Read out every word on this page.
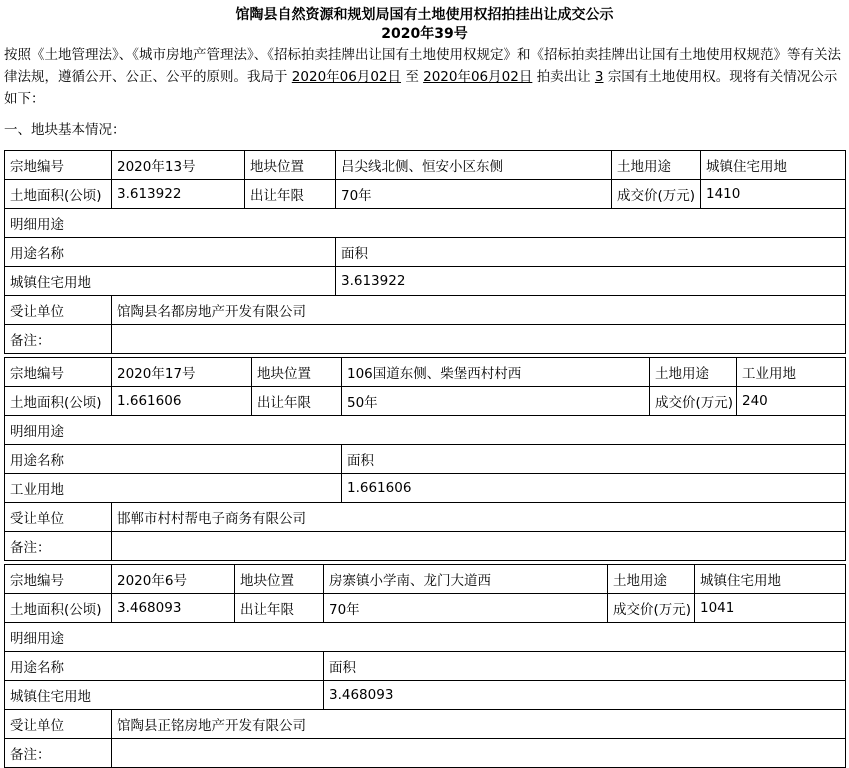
馆陶县自然资源和规划局国有土地使用权招拍挂出让成交公示
2020年39号
按照《土地管理法》、《城市房地产管理法》、《招标拍卖挂牌出让国有土地使用权规定》和《招标拍卖挂牌出让国有土地使用权规范》等有关法律法规，遵循公开、公正、公平的原则。我局于 2020年06月02日 至 2020年06月02日 拍卖出让 3 宗国有土地使用权。现将有关情况公示如下：
一、地块基本情况：
宗地编号	2020年13号	地块位置	吕尖线北侧、恒安小区东侧	土地用途	城镇住宅用地
土地面积(公顷)	3.613922	出让年限	70年	成交价(万元)	1410
明细用途					
用途名称			面积		
城镇住宅用地			3.613922		
受让单位	馆陶县名都房地产开发有限公司				
备注：					
宗地编号	2020年17号	地块位置	106国道东侧、柴堡西村村西	土地用途	工业用地
土地面积(公顷)	1.661606	出让年限	50年	成交价(万元)	240
明细用途					
用途名称			面积		
工业用地			1.661606		
受让单位	邯郸市村村帮电子商务有限公司				
备注：					
宗地编号	2020年6号	地块位置	房寨镇小学南、龙门大道西	土地用途	城镇住宅用地
土地面积(公顷)	3.468093	出让年限	70年	成交价(万元)	1041
明细用途					
用途名称			面积		
城镇住宅用地			3.468093		
受让单位	馆陶县正铭房地产开发有限公司				
备注：					
